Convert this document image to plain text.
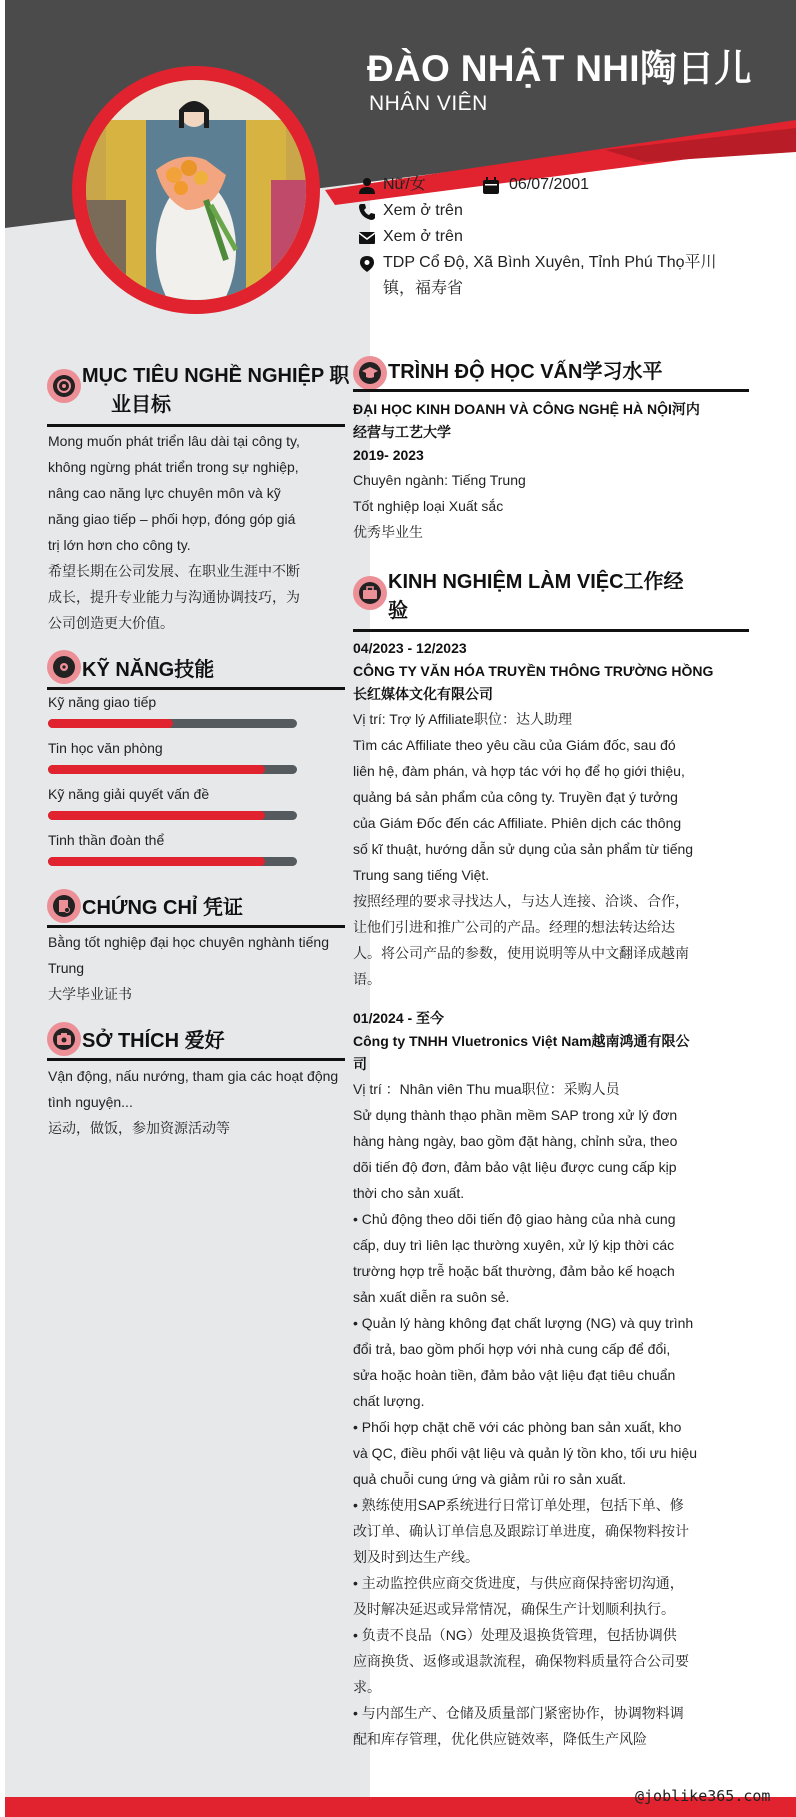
ĐÀO NHẬT NHI陶日儿
NHÂN VIÊN
Nữ/女	06/07/2001
Xem ở trên
Xem ở trên
TDP Cổ Độ, Xã Bình Xuyên, Tỉnh Phú Thọ平川
镇，福寿省
MỤC TIÊU NGHỀ NGHIỆP 职
业目标
Mong muốn phát triển lâu dài tại công ty,
không ngừng phát triển trong sự nghiệp,
nâng cao năng lực chuyên môn và kỹ
năng giao tiếp – phối hợp, đóng góp giá
trị lớn hơn cho công ty.
希望长期在公司发展、在职业生涯中不断
成长，提升专业能力与沟通协调技巧，为
公司创造更大价值。
KỸ NĂNG技能
Kỹ năng giao tiếp
Tin học văn phòng
Kỹ năng giải quyết vấn đề
Tinh thần đoàn thể
CHỨNG CHỈ 凭证
Bằng tốt nghiệp đại học chuyên nghành tiếng
Trung
大学毕业证书
SỞ THÍCH 爱好
Vận động, nấu nướng, tham gia các hoạt động
tình nguyện...
运动，做饭，参加资源活动等
TRÌNH ĐỘ HỌC VẤN学习水平
ĐẠI HỌC KINH DOANH VÀ CÔNG NGHỆ HÀ NỘI河内
经营与工艺大学
2019- 2023
Chuyên ngành: Tiếng Trung
Tốt nghiệp loại Xuất sắc
优秀毕业生
KINH NGHIỆM LÀM VIỆC工作经
验
04/2023 - 12/2023
CÔNG TY VĂN HÓA TRUYỀN THÔNG TRƯỜNG HỒNG
长红媒体文化有限公司
Vị trí: Trợ lý Affiliate职位：达人助理
Tìm các Affiliate theo yêu cầu của Giám đốc, sau đó
liên hệ, đàm phán, và hợp tác với họ để họ giới thiệu,
quảng bá sản phẩm của công ty. Truyền đạt ý tưởng
của Giám Đốc đến các Affiliate. Phiên dịch các thông
số kĩ thuật, hướng dẫn sử dụng của sản phẩm từ tiếng
Trung sang tiếng Việt.
按照经理的要求寻找达人，与达人连接、洽谈、合作，
让他们引进和推广公司的产品。经理的想法转达给达
人。将公司产品的参数，使用说明等从中文翻译成越南
语。
01/2024 - 至今
Công ty TNHH Vluetronics Việt Nam越南鸿通有限公
司
Vị trí ：Nhân viên Thu mua职位：采购人员
Sử dụng thành thạo phần mềm SAP trong xử lý đơn
hàng hàng ngày, bao gồm đặt hàng, chỉnh sửa, theo
dõi tiến độ đơn, đảm bảo vật liệu được cung cấp kịp
thời cho sản xuất.
• Chủ động theo dõi tiến độ giao hàng của nhà cung
cấp, duy trì liên lạc thường xuyên, xử lý kịp thời các
trường hợp trễ hoặc bất thường, đảm bảo kế hoạch
sản xuất diễn ra suôn sẻ.
• Quản lý hàng không đạt chất lượng (NG) và quy trình
đổi trả, bao gồm phối hợp với nhà cung cấp để đổi,
sửa hoặc hoàn tiền, đảm bảo vật liệu đạt tiêu chuẩn
chất lượng.
• Phối hợp chặt chẽ với các phòng ban sản xuất, kho
và QC, điều phối vật liệu và quản lý tồn kho, tối ưu hiệu
quả chuỗi cung ứng và giảm rủi ro sản xuất.
• 熟练使用SAP系统进行日常订单处理，包括下单、修
改订单、确认订单信息及跟踪订单进度，确保物料按计
划及时到达生产线。
• 主动监控供应商交货进度，与供应商保持密切沟通，
及时解决延迟或异常情况，确保生产计划顺利执行。
• 负责不良品（NG）处理及退换货管理，包括协调供
应商换货、返修或退款流程，确保物料质量符合公司要
求。
• 与内部生产、仓储及质量部门紧密协作，协调物料调
配和库存管理，优化供应链效率，降低生产风险
@joblike365.com
